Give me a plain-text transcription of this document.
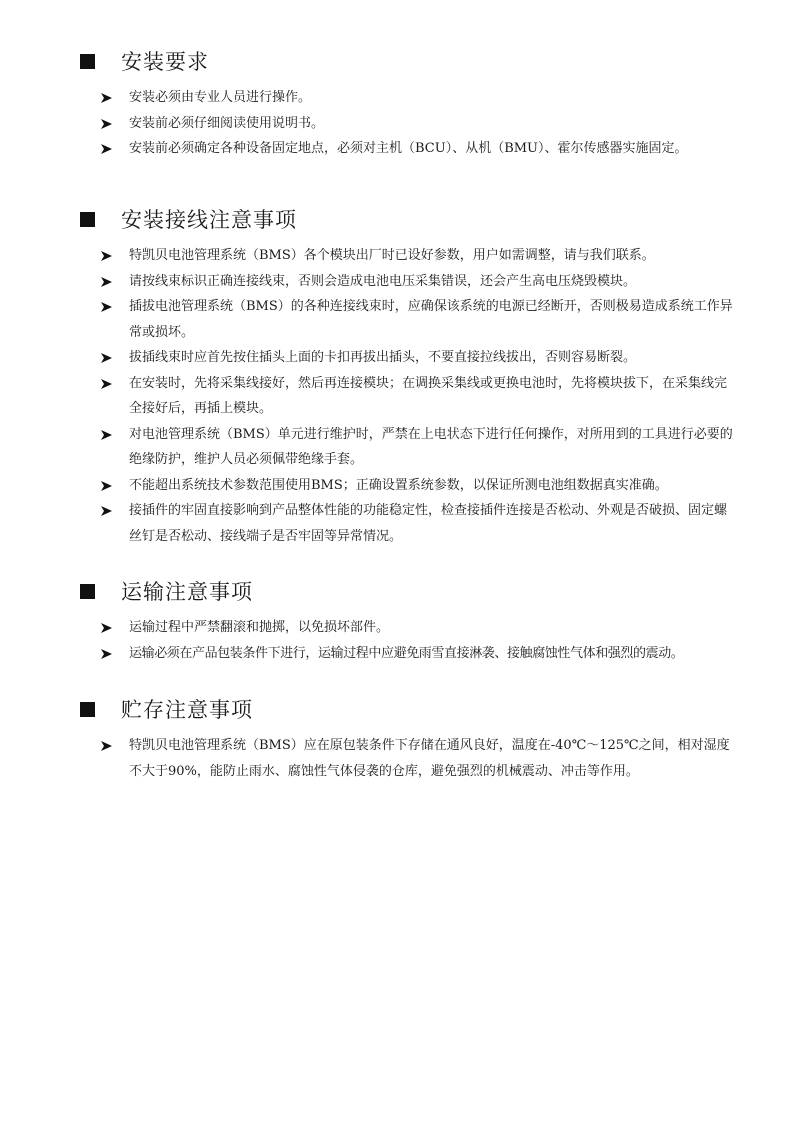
安装要求
安装必须由专业人员进行操作。
安装前必须仔细阅读使用说明书。
安装前必须确定各种设备固定地点，必须对主机（BCU）、从机（BMU）、霍尔传感器实施固定。
安装接线注意事项
特凯贝电池管理系统（BMS）各个模块出厂时已设好参数，用户如需调整，请与我们联系。
请按线束标识正确连接线束，否则会造成电池电压采集错误，还会产生高电压烧毁模块。
插拔电池管理系统（BMS）的各种连接线束时，应确保该系统的电源已经断开，否则极易造成系统工作异常或损坏。
拔插线束时应首先按住插头上面的卡扣再拔出插头，不要直接拉线拔出，否则容易断裂。
在安装时，先将采集线接好，然后再连接模块；在调换采集线或更换电池时，先将模块拔下，在采集线完全接好后，再插上模块。
对电池管理系统（BMS）单元进行维护时，严禁在上电状态下进行任何操作，对所用到的工具进行必要的绝缘防护，维护人员必须佩带绝缘手套。
不能超出系统技术参数范围使用BMS；正确设置系统参数，以保证所测电池组数据真实准确。
接插件的牢固直接影响到产品整体性能的功能稳定性，检查接插件连接是否松动、外观是否破损、固定螺丝钉是否松动、接线端子是否牢固等异常情况。
运输注意事项
运输过程中严禁翻滚和抛掷，以免损坏部件。
运输必须在产品包装条件下进行，运输过程中应避免雨雪直接淋袭、接触腐蚀性气体和强烈的震动。
贮存注意事项
特凯贝电池管理系统（BMS）应在原包装条件下存储在通风良好，温度在-40℃～125℃之间，相对湿度不大于90%，能防止雨水、腐蚀性气体侵袭的仓库，避免强烈的机械震动、冲击等作用。
